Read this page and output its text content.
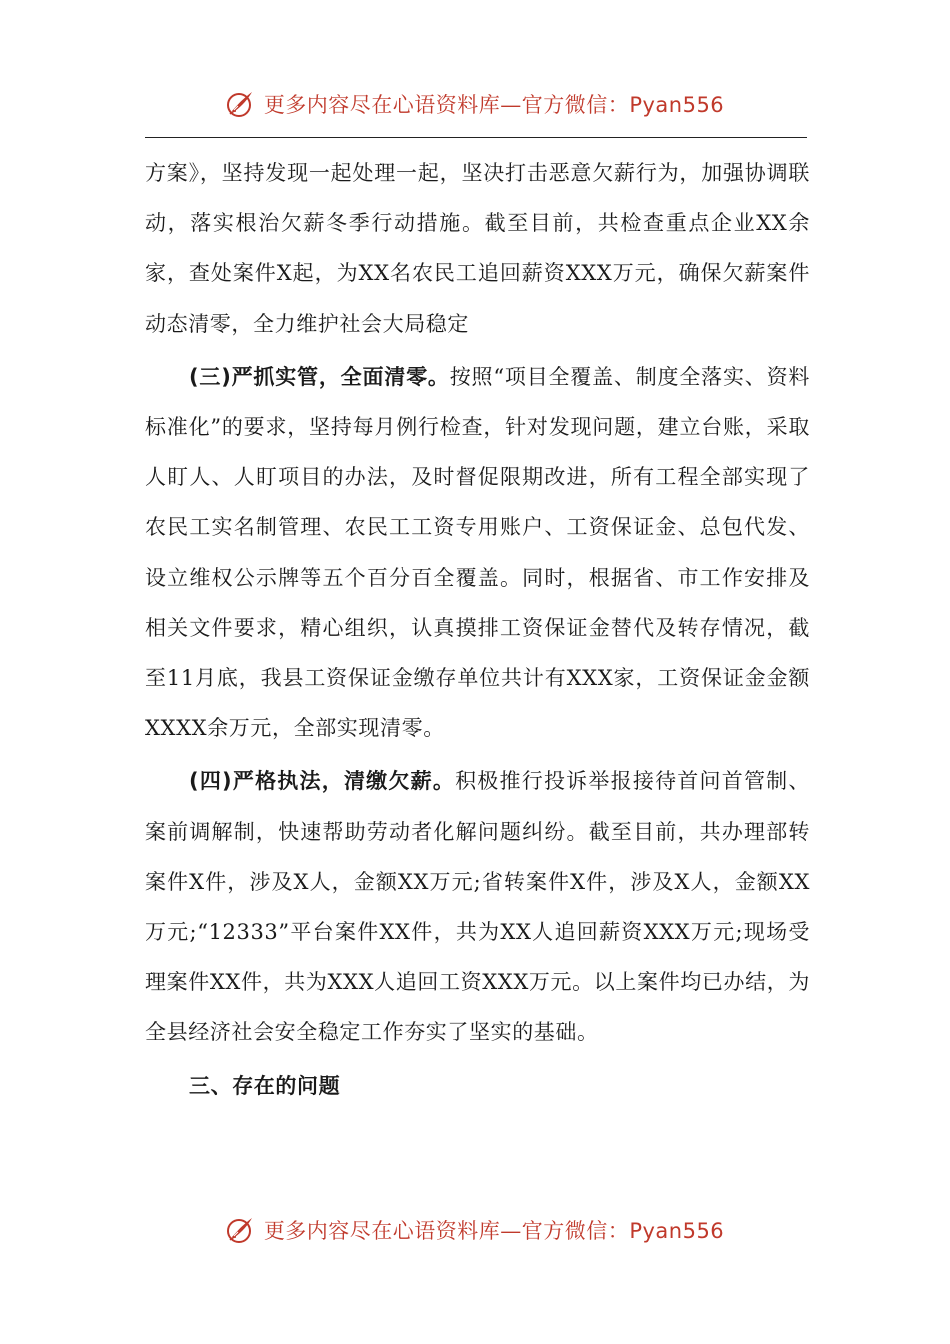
更多内容尽在心语资料库—官方微信：Pyan556

方案》，坚持发现一起处理一起，坚决打击恶意欠薪行为，加强协调联动，落实根治欠薪冬季行动措施。截至目前，共检查重点企业XX余家，查处案件X起，为XX名农民工追回薪资XXX万元，确保欠薪案件动态清零，全力维护社会大局稳定

(三)严抓实管，全面清零。按照“项目全覆盖、制度全落实、资料标准化”的要求，坚持每月例行检查，针对发现问题，建立台账，采取人盯人、人盯项目的办法，及时督促限期改进，所有工程全部实现了农民工实名制管理、农民工工资专用账户、工资保证金、总包代发、设立维权公示牌等五个百分百全覆盖。同时，根据省、市工作安排及相关文件要求，精心组织，认真摸排工资保证金替代及转存情况，截至11月底，我县工资保证金缴存单位共计有XXX家，工资保证金金额XXXX余万元，全部实现清零。

(四)严格执法，清缴欠薪。积极推行投诉举报接待首问首管制、案前调解制，快速帮助劳动者化解问题纠纷。截至目前，共办理部转案件X件，涉及X人，金额XX万元;省转案件X件，涉及X人，金额XX万元;“12333”平台案件XX件，共为XX人追回薪资XXX万元;现场受理案件XX件，共为XXX人追回工资XXX万元。以上案件均已办结，为全县经济社会安全稳定工作夯实了坚实的基础。

三、存在的问题

更多内容尽在心语资料库—官方微信：Pyan556
